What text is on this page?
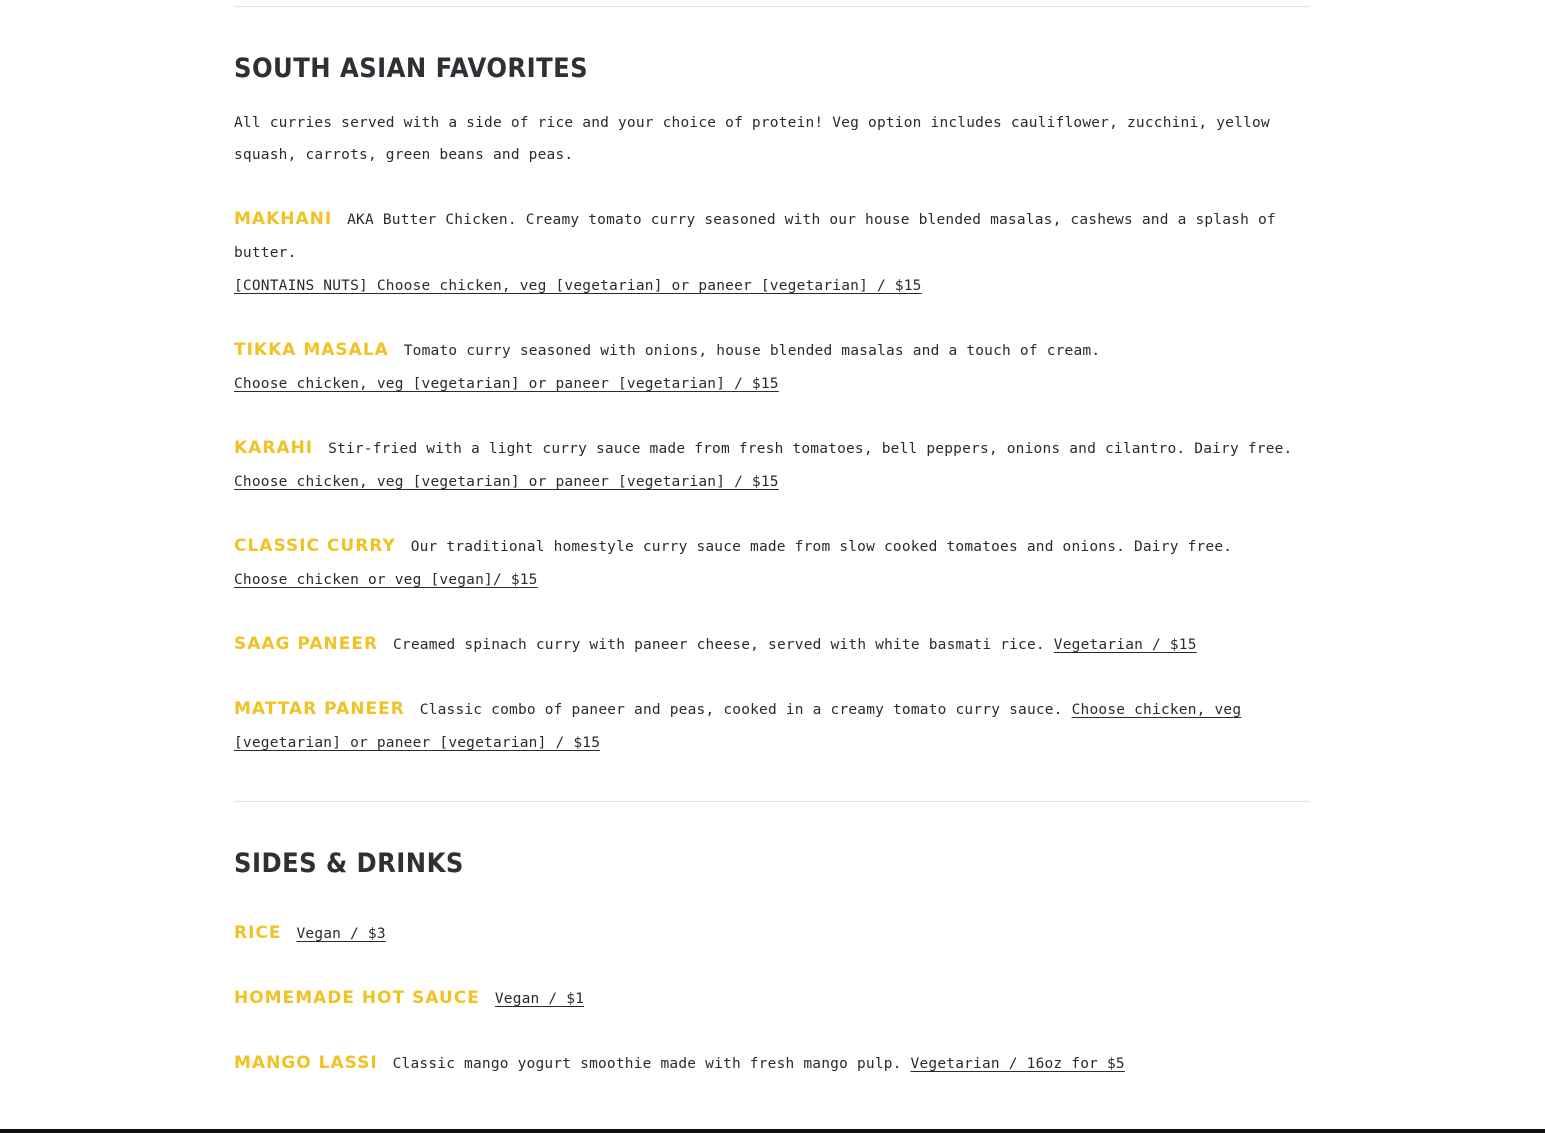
SOUTH ASIAN FAVORITES

All curries served with a side of rice and your choice of protein! Veg option includes cauliflower, zucchini, yellow squash, carrots, green beans and peas.

MAKHANI AKA Butter Chicken. Creamy tomato curry seasoned with our house blended masalas, cashews and a splash of butter.
[CONTAINS NUTS] Choose chicken, veg [vegetarian] or paneer [vegetarian] / $15

TIKKA MASALA Tomato curry seasoned with onions, house blended masalas and a touch of cream.
Choose chicken, veg [vegetarian] or paneer [vegetarian] / $15

KARAHI Stir-fried with a light curry sauce made from fresh tomatoes, bell peppers, onions and cilantro. Dairy free.
Choose chicken, veg [vegetarian] or paneer [vegetarian] / $15

CLASSIC CURRY Our traditional homestyle curry sauce made from slow cooked tomatoes and onions. Dairy free.
Choose chicken or veg [vegan]/ $15

SAAG PANEER Creamed spinach curry with paneer cheese, served with white basmati rice. Vegetarian / $15

MATTAR PANEER Classic combo of paneer and peas, cooked in a creamy tomato curry sauce. Choose chicken, veg [vegetarian] or paneer [vegetarian] / $15

SIDES & DRINKS

RICE Vegan / $3

HOMEMADE HOT SAUCE Vegan / $1

MANGO LASSI Classic mango yogurt smoothie made with fresh mango pulp. Vegetarian / 16oz for $5
